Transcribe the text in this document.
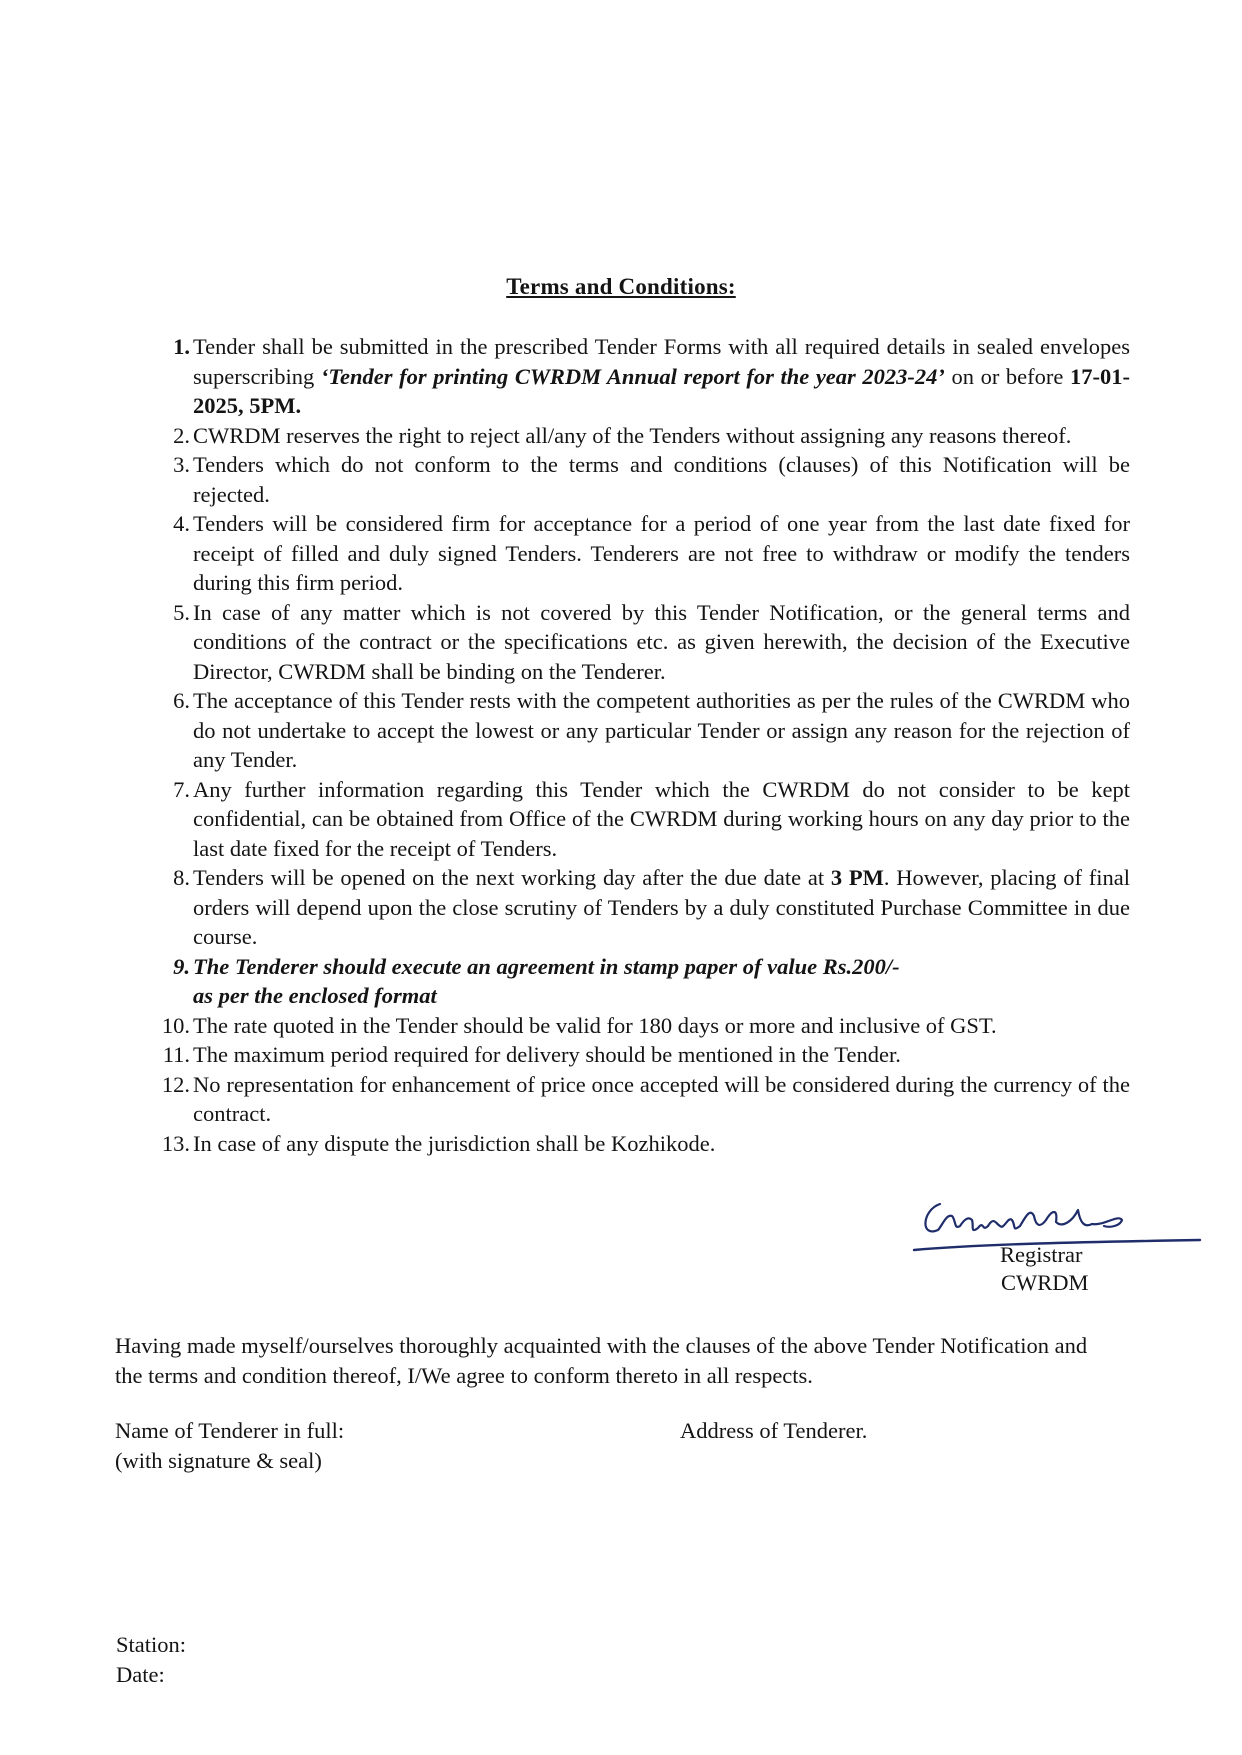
Terms and Conditions:
1. Tender shall be submitted in the prescribed Tender Forms with all required details in sealed envelopes superscribing ‘Tender for printing CWRDM Annual report for the year 2023-24’ on or before 17-01-2025, 5PM.
2. CWRDM reserves the right to reject all/any of the Tenders without assigning any reasons thereof.
3. Tenders which do not conform to the terms and conditions (clauses) of this Notification will be rejected.
4. Tenders will be considered firm for acceptance for a period of one year from the last date fixed for receipt of filled and duly signed Tenders. Tenderers are not free to withdraw or modify the tenders during this firm period.
5. In case of any matter which is not covered by this Tender Notification, or the general terms and conditions of the contract or the specifications etc. as given herewith, the decision of the Executive Director, CWRDM shall be binding on the Tenderer.
6. The acceptance of this Tender rests with the competent authorities as per the rules of the CWRDM who do not undertake to accept the lowest or any particular Tender or assign any reason for the rejection of any Tender.
7. Any further information regarding this Tender which the CWRDM do not consider to be kept confidential, can be obtained from Office of the CWRDM during working hours on any day prior to the last date fixed for the receipt of Tenders.
8. Tenders will be opened on the next working day after the due date at 3 PM. However, placing of final orders will depend upon the close scrutiny of Tenders by a duly constituted Purchase Committee in due course.
9. The Tenderer should execute an agreement in stamp paper of value Rs.200/-
as per the enclosed format
10. The rate quoted in the Tender should be valid for 180 days or more and inclusive of GST.
11. The maximum period required for delivery should be mentioned in the Tender.
12. No representation for enhancement of price once accepted will be considered during the currency of the contract.
13. In case of any dispute the jurisdiction shall be Kozhikode.
Registrar
CWRDM
Having made myself/ourselves thoroughly acquainted with the clauses of the above Tender Notification and the terms and condition thereof, I/We agree to conform thereto in all respects.
Name of Tenderer in full:
(with signature & seal)
Address of Tenderer.
Station:
Date:
